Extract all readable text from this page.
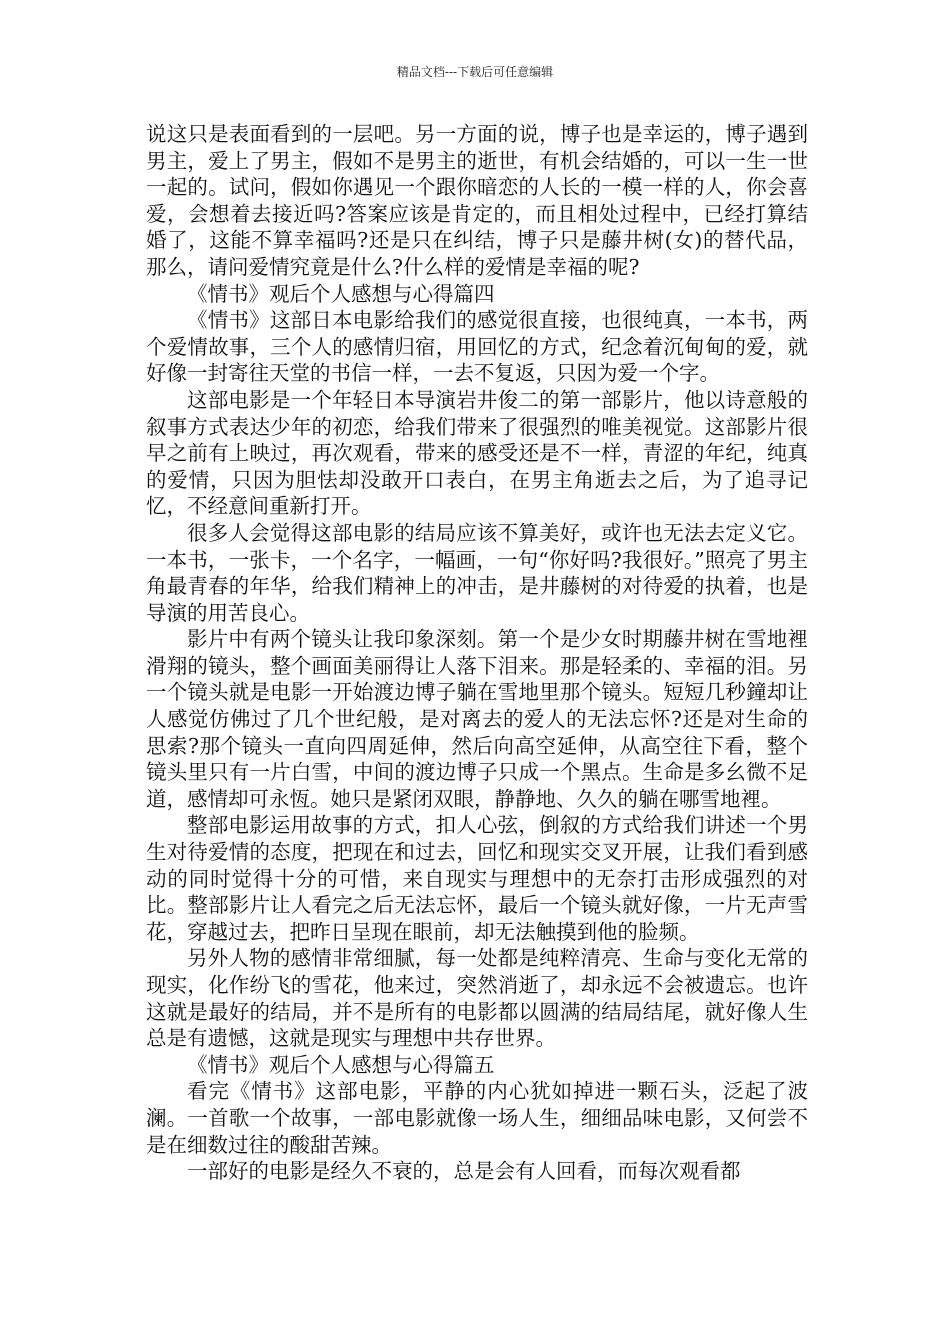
精品文档---下载后可任意编辑

说这只是表面看到的一层吧。另一方面的说，博子也是幸运的，博子遇到男主，爱上了男主，假如不是男主的逝世，有机会结婚的，可以一生一世一起的。试问，假如你遇见一个跟你暗恋的人长的一模一样的人，你会喜爱，会想着去接近吗?答案应该是肯定的，而且相处过程中，已经打算结婚了，这能不算幸福吗?还是只在纠结，博子只是藤井树(女)的替代品，那么，请问爱情究竟是什么?什么样的爱情是幸福的呢?

《情书》观后个人感想与心得篇四

《情书》这部日本电影给我们的感觉很直接，也很纯真，一本书，两个爱情故事，三个人的感情归宿，用回忆的方式，纪念着沉甸甸的爱，就好像一封寄往天堂的书信一样，一去不复返，只因为爱一个字。

这部电影是一个年轻日本导演岩井俊二的第一部影片，他以诗意般的叙事方式表达少年的初恋，给我们带来了很强烈的唯美视觉。这部影片很早之前有上映过，再次观看，带来的感受还是不一样，青涩的年纪，纯真的爱情，只因为胆怯却没敢开口表白，在男主角逝去之后，为了追寻记忆，不经意间重新打开。

很多人会觉得这部电影的结局应该不算美好，或许也无法去定义它。一本书，一张卡，一个名字，一幅画，一句“你好吗?我很好。”照亮了男主角最青春的年华，给我们精神上的冲击，是井藤树的对待爱的执着，也是导演的用苦良心。

影片中有两个镜头让我印象深刻。第一个是少女时期藤井树在雪地裡滑翔的镜头，整个画面美丽得让人落下泪来。那是轻柔的、幸福的泪。另一个镜头就是电影一开始渡边博子躺在雪地里那个镜头。短短几秒鐘却让人感觉仿佛过了几个世纪般，是对离去的爱人的无法忘怀?还是对生命的思索?那个镜头一直向四周延伸，然后向高空延伸，从高空往下看，整个镜头里只有一片白雪，中间的渡边博子只成一个黑点。生命是多幺微不足道，感情却可永恆。她只是紧闭双眼，静静地、久久的躺在哪雪地裡。

整部电影运用故事的方式，扣人心弦，倒叙的方式给我们讲述一个男生对待爱情的态度，把现在和过去，回忆和现实交叉开展，让我们看到感动的同时觉得十分的可惜，来自现实与理想中的无奈打击形成强烈的对比。整部影片让人看完之后无法忘怀，最后一个镜头就好像，一片无声雪花，穿越过去，把昨日呈现在眼前，却无法触摸到他的脸频。

另外人物的感情非常细腻，每一处都是纯粹清亮、生命与变化无常的现实，化作纷飞的雪花，他来过，突然消逝了，却永远不会被遗忘。也许这就是最好的结局，并不是所有的电影都以圆满的结局结尾，就好像人生总是有遗憾，这就是现实与理想中共存世界。

《情书》观后个人感想与心得篇五

看完《情书》这部电影，平静的内心犹如掉进一颗石头，泛起了波澜。一首歌一个故事，一部电影就像一场人生，细细品味电影，又何尝不是在细数过往的酸甜苦辣。

一部好的电影是经久不衰的，总是会有人回看，而每次观看都
